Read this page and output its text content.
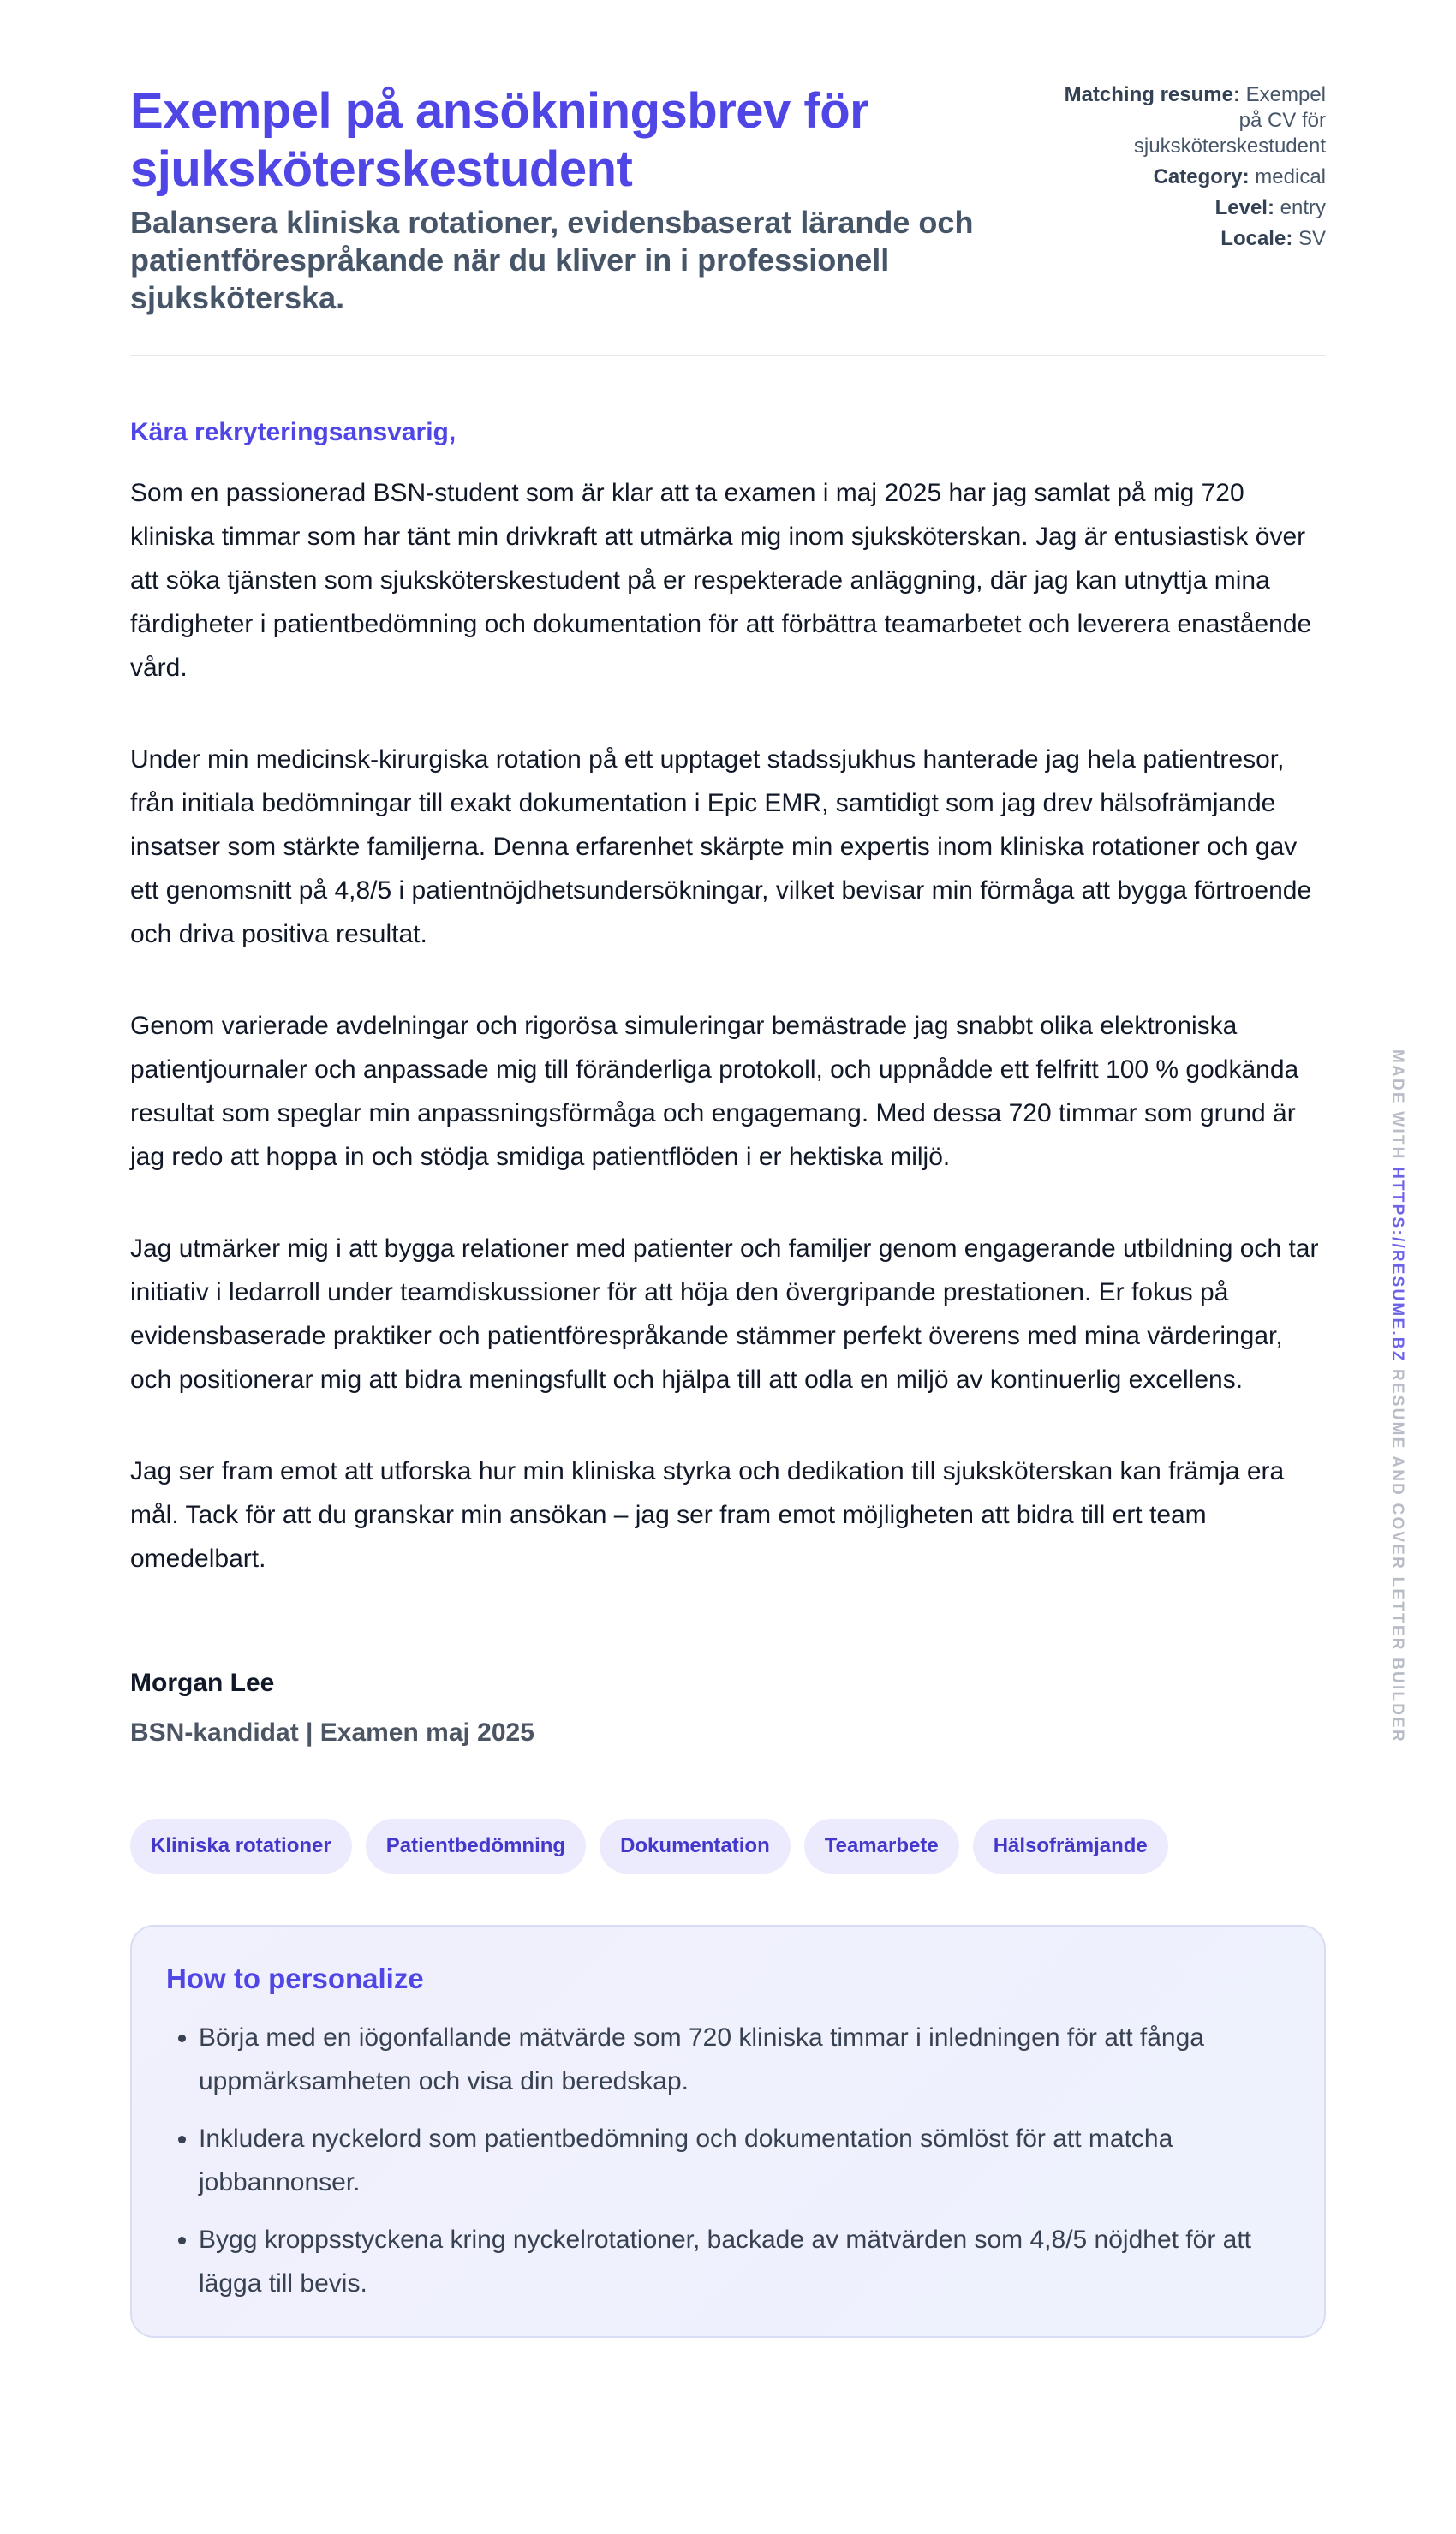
Exempel på ansökningsbrev för sjuksköterskestudent

Balansera kliniska rotationer, evidensbaserat lärande och patientförespråkande när du kliver in i professionell sjuksköterska.

Matching resume: Exempel på CV för sjuksköterskestudent
Category: medical
Level: entry
Locale: SV
Kära rekryteringsansvarig,

Som en passionerad BSN-student som är klar att ta examen i maj 2025 har jag samlat på mig 720 kliniska timmar som har tänt min drivkraft att utmärka mig inom sjuksköterskan. Jag är entusiastisk över att söka tjänsten som sjuksköterskestudent på er respekterade anläggning, där jag kan utnyttja mina färdigheter i patientbedömning och dokumentation för att förbättra teamarbetet och leverera enastående vård.

Under min medicinsk-kirurgiska rotation på ett upptaget stadssjukhus hanterade jag hela patientresor, från initiala bedömningar till exakt dokumentation i Epic EMR, samtidigt som jag drev hälsofrämjande insatser som stärkte familjerna. Denna erfarenhet skärpte min expertis inom kliniska rotationer och gav ett genomsnitt på 4,8/5 i patientnöjdhetsundersökningar, vilket bevisar min förmåga att bygga förtroende och driva positiva resultat.

Genom varierade avdelningar och rigorösa simuleringar bemästrade jag snabbt olika elektroniska patientjournaler och anpassade mig till föränderliga protokoll, och uppnådde ett felfritt 100 % godkända resultat som speglar min anpassningsförmåga och engagemang. Med dessa 720 timmar som grund är jag redo att hoppa in och stödja smidiga patientflöden i er hektiska miljö.

Jag utmärker mig i att bygga relationer med patienter och familjer genom engagerande utbildning och tar initiativ i ledarroll under teamdiskussioner för att höja den övergripande prestationen. Er fokus på evidensbaserade praktiker och patientförespråkande stämmer perfekt överens med mina värderingar, och positionerar mig att bidra meningsfullt och hjälpa till att odla en miljö av kontinuerlig excellens.

Jag ser fram emot att utforska hur min kliniska styrka och dedikation till sjuksköterskan kan främja era mål. Tack för att du granskar min ansökan – jag ser fram emot möjligheten att bidra till ert team omedelbart.

Morgan Lee
BSN-kandidat | Examen maj 2025
Kliniska rotationer	Patientbedömning	Dokumentation	Teamarbete	Hälsofrämjande
How to personalize
• Börja med en iögonfallande mätvärde som 720 kliniska timmar i inledningen för att fånga uppmärksamheten och visa din beredskap.
• Inkludera nyckelord som patientbedömning och dokumentation sömlöst för att matcha jobbannonser.
• Bygg kroppsstyckena kring nyckelrotationer, backade av mätvärden som 4,8/5 nöjdhet för att lägga till bevis.
MADE WITH HTTPS://RESUME.BZ RESUME AND COVER LETTER BUILDER
